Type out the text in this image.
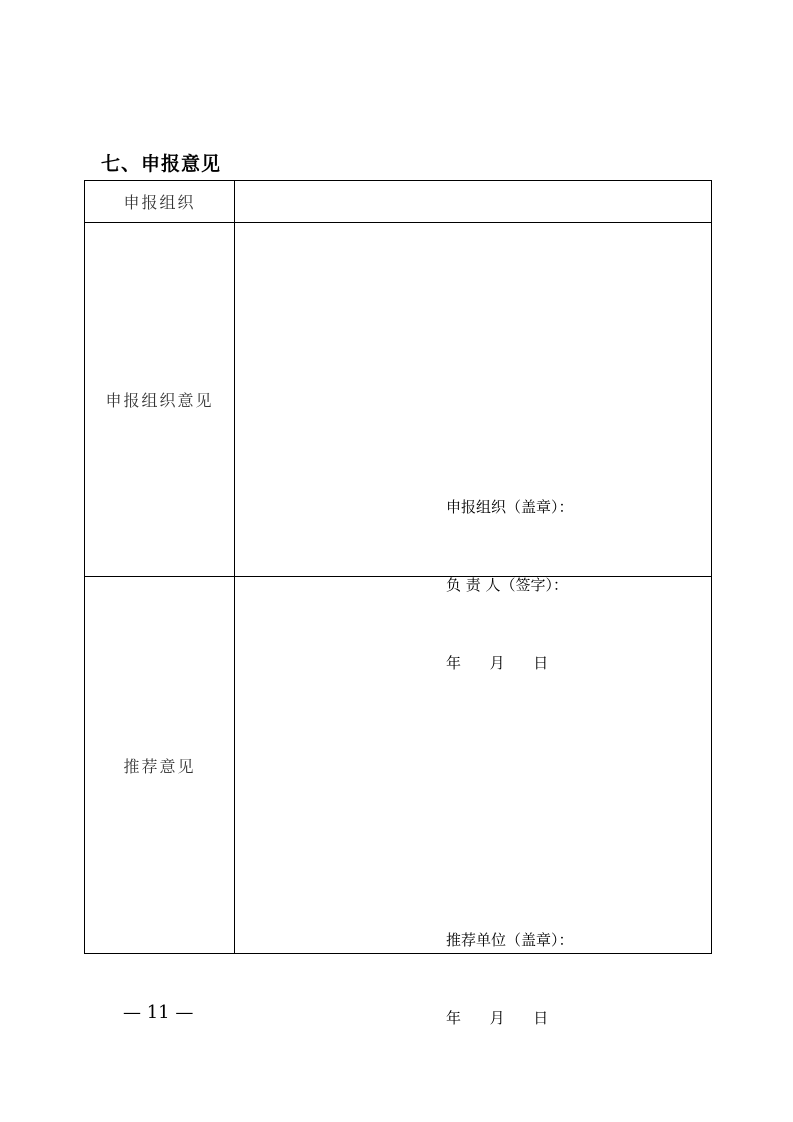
七、申报意见
申报组织	
申报组织意见	申报组织（盖章）：

负 责 人（签字）：

年      月      日

推荐意见	推荐单位（盖章）：

年      月      日

— 11 —
